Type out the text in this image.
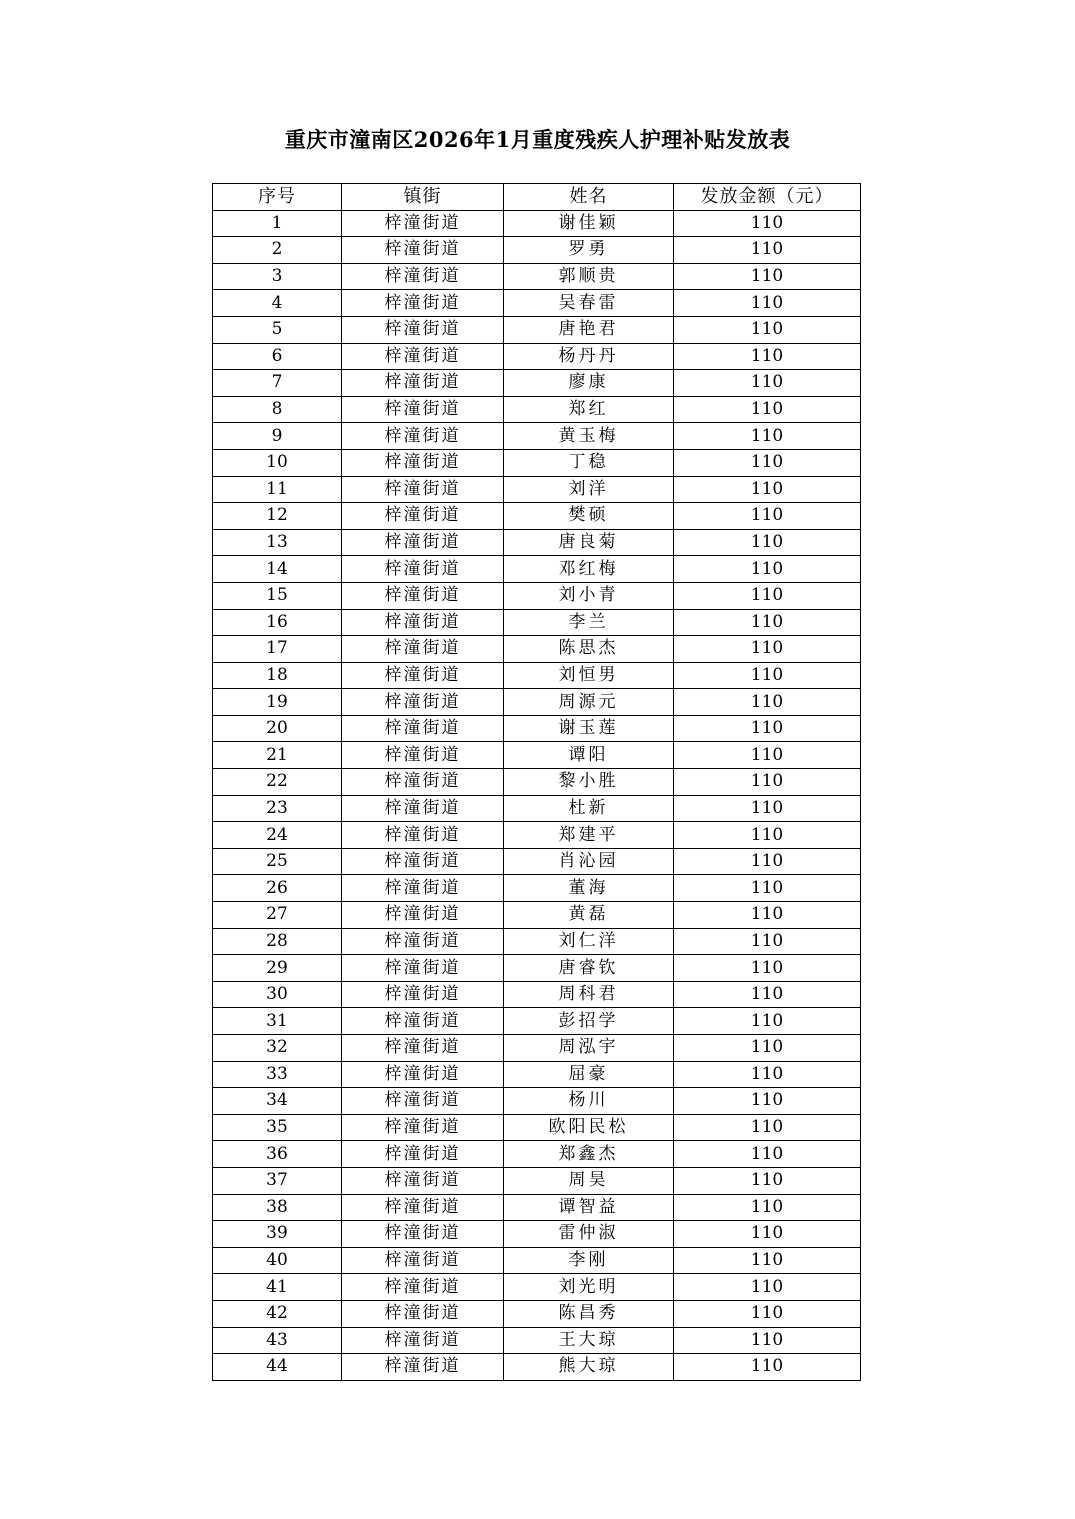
重庆市潼南区2026年1月重度残疾人护理补贴发放表
序号	镇街	姓名	发放金额（元）
1	梓潼街道	谢佳颖	110
2	梓潼街道	罗勇	110
3	梓潼街道	郭顺贵	110
4	梓潼街道	吴春雷	110
5	梓潼街道	唐艳君	110
6	梓潼街道	杨丹丹	110
7	梓潼街道	廖康	110
8	梓潼街道	郑红	110
9	梓潼街道	黄玉梅	110
10	梓潼街道	丁稳	110
11	梓潼街道	刘洋	110
12	梓潼街道	樊硕	110
13	梓潼街道	唐良菊	110
14	梓潼街道	邓红梅	110
15	梓潼街道	刘小青	110
16	梓潼街道	李兰	110
17	梓潼街道	陈思杰	110
18	梓潼街道	刘恒男	110
19	梓潼街道	周源元	110
20	梓潼街道	谢玉莲	110
21	梓潼街道	谭阳	110
22	梓潼街道	黎小胜	110
23	梓潼街道	杜新	110
24	梓潼街道	郑建平	110
25	梓潼街道	肖沁园	110
26	梓潼街道	董海	110
27	梓潼街道	黄磊	110
28	梓潼街道	刘仁洋	110
29	梓潼街道	唐睿钦	110
30	梓潼街道	周科君	110
31	梓潼街道	彭招学	110
32	梓潼街道	周泓宇	110
33	梓潼街道	屈豪	110
34	梓潼街道	杨川	110
35	梓潼街道	欧阳民松	110
36	梓潼街道	郑鑫杰	110
37	梓潼街道	周昊	110
38	梓潼街道	谭智益	110
39	梓潼街道	雷仲淑	110
40	梓潼街道	李刚	110
41	梓潼街道	刘光明	110
42	梓潼街道	陈昌秀	110
43	梓潼街道	王大琼	110
44	梓潼街道	熊大琼	110
